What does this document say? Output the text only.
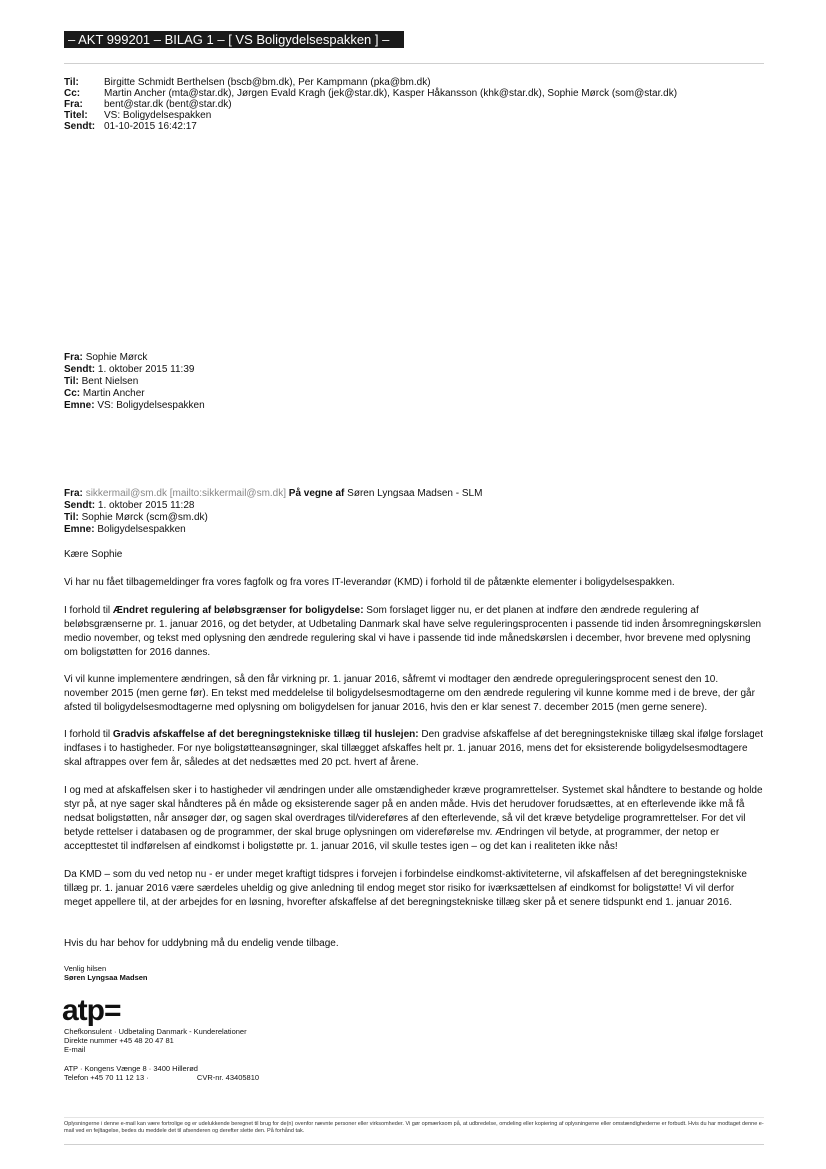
– AKT 999201 – BILAG 1 – [ VS Boligydelsespakken ] –
Til:	Birgitte Schmidt Berthelsen (bscb@bm.dk), Per Kampmann (pka@bm.dk)
Cc: Martin Ancher (mta@star.dk), Jørgen Evald Kragh (jek@star.dk), Kasper Håkansson (khk@star.dk), Sophie Mørck (som@star.dk)
Fra: bent@star.dk (bent@star.dk)
Titel: VS: Boligydelsespakken
Sendt: 01-10-2015 16:42:17
Fra: Sophie Mørck
Sendt: 1. oktober 2015 11:39
Til: Bent Nielsen
Cc: Martin Ancher
Emne: VS: Boligydelsespakken
Fra: sikkermail@sm.dk [mailto:sikkermail@sm.dk] På vegne af Søren Lyngsaa Madsen - SLM
Sendt: 1. oktober 2015 11:28
Til: Sophie Mørck (scm@sm.dk)
Emne: Boligydelsespakken

Kære Sophie

Vi har nu fået tilbagemeldinger fra vores fagfolk og fra vores IT-leverandør (KMD) i forhold til de påtænkte elementer i boligydelsespakken.

I forhold til Ændret regulering af beløbsgrænser for boligydelse: Som forslaget ligger nu, er det planen at indføre den ændrede regulering af beløbsgrænserne pr. 1. januar 2016, og det betyder, at Udbetaling Danmark skal have selve reguleringsprocenten i passende tid inden årsomregningskørslen medio november, og tekst med oplysning den ændrede regulering skal vi have i passende tid inde månedskørslen i december, hvor brevene med oplysning om boligstøtten for 2016 dannes.

Vi vil kunne implementere ændringen, så den får virkning pr. 1. januar 2016, såfremt vi modtager den ændrede opreguleringsprocent senest den 10. november 2015 (men gerne før). En tekst med meddelelse til boligydelsesmodtagerne om den ændrede regulering vil kunne komme med i de breve, der går afsted til boligydelsesmodtagerne med oplysning om boligydelsen for januar 2016, hvis den er klar senest 7. december 2015 (men gerne senere).

I forhold til Gradvis afskaffelse af det beregningstekniske tillæg til huslejen: Den gradvise afskaffelse af det beregningstekniske tillæg skal ifølge forslaget indfases i to hastigheder. For nye boligstøtteansøgninger, skal tillægget afskaffes helt pr. 1. januar 2016, mens det for eksisterende boligydelsesmodtagere skal aftrappes over fem år, således at det nedsættes med 20 pct. hvert af årene.

I og med at afskaffelsen sker i to hastigheder vil ændringen under alle omstændigheder kræve programrettelser. Systemet skal håndtere to bestande og holde styr på, at nye sager skal håndteres på én måde og eksisterende sager på en anden måde. Hvis det herudover forudsættes, at en efterlevende ikke må få nedsat boligstøtten, når ansøger dør, og sagen skal overdrages til/videreføres af den efterlevende, så vil det kræve betydelige programrettelser. For det vil betyde rettelser i databasen og de programmer, der skal bruge oplysningen om videreførelse mv. Ændringen vil betyde, at programmer, der netop er accepttestet til indførelsen af eindkomst i boligstøtte pr. 1. januar 2016, vil skulle testes igen – og det kan i realiteten ikke nås!

Da KMD – som du ved netop nu - er under meget kraftigt tidspres i forvejen i forbindelse eindkomst-aktiviteterne, vil afskaffelsen af det beregningstekniske tillæg pr. 1. januar 2016 være særdeles uheldig og give anledning til endog meget stor risiko for iværksættelsen af eindkomst for boligstøtte! Vi vil derfor meget appellere til, at der arbejdes for en løsning, hvorefter afskaffelse af det beregningstekniske tillæg sker på et senere tidspunkt end 1. januar 2016.

Hvis du har behov for uddybning må du endelig vende tilbage.

Venlig hilsen
Søren Lyngsaa Madsen
atp=
Chefkonsulent · Udbetaling Danmark - Kunderelationer
Direkte nummer +45 48 20 47 81
E-mail
ATP · Kongens Vænge 8 · 3400 Hillerød
Telefon +45 70 11 12 13 ·	CVR-nr. 43405810
Oplysningerne i denne e-mail kan være fortrolige og er udelukkende beregnet til brug for de(n) ovenfor nævnte personer eller virksomheder. Vi gør opmærksom på, at udbredelse, omdeling eller kopiering af oplysningerne eller omstændighederne er forbudt. Hvis du har modtaget denne e-mail ved en fejltagelse, bedes du meddele det til afsenderen og derefter slette den. På forhånd tak.
